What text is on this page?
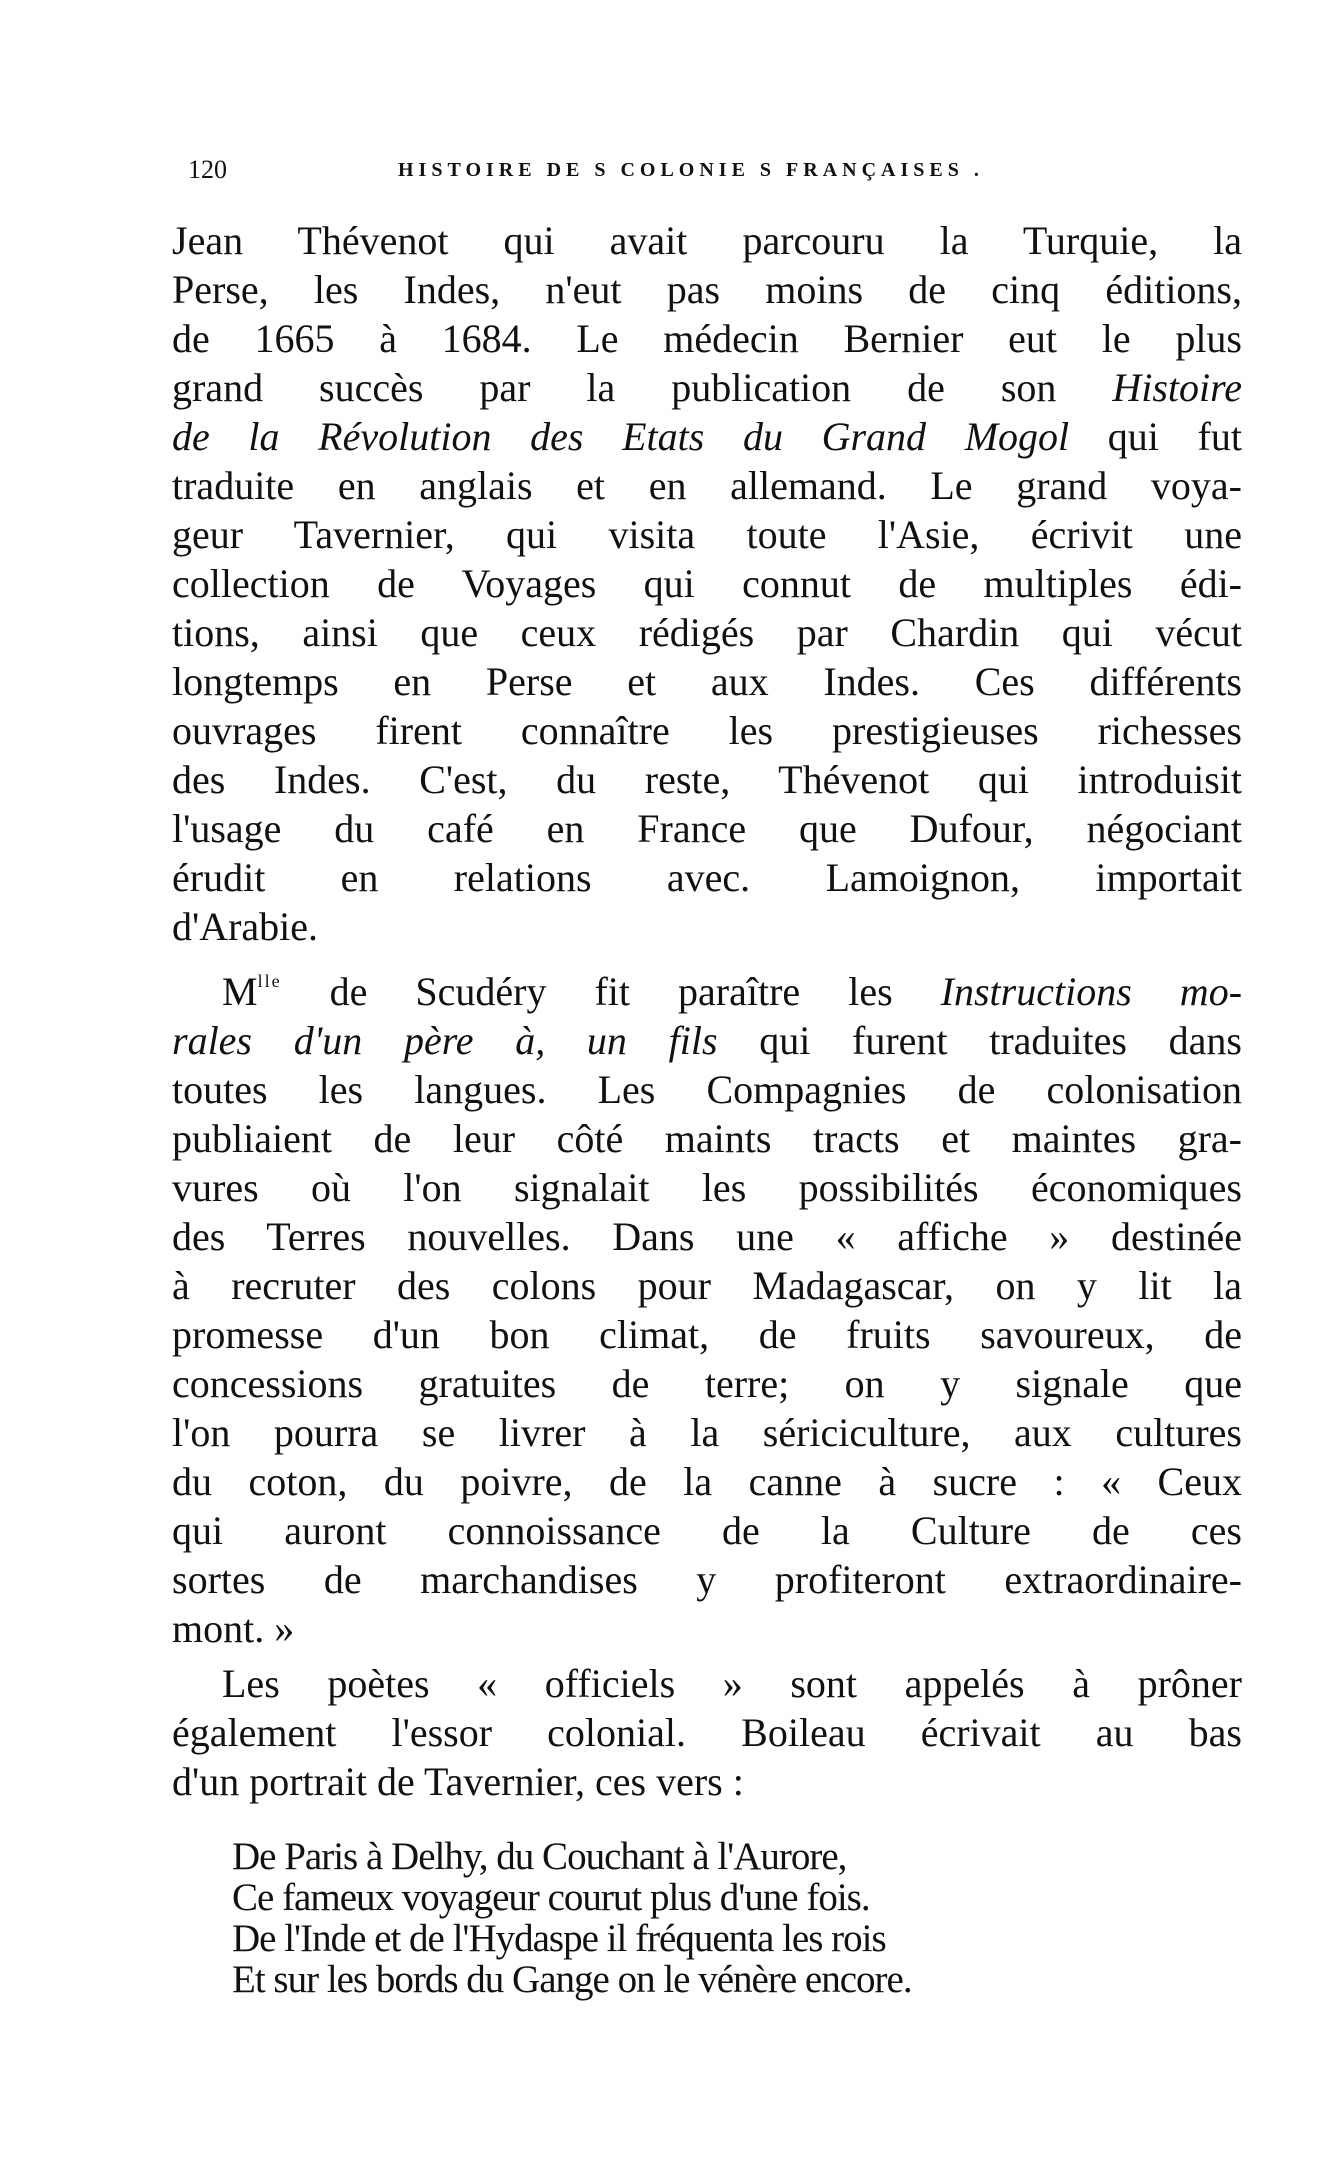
120	HISTOIRE DE S COLONIE S FRANÇAISES .
Jean Thévenot qui avait parcouru la Turquie, la
Perse, les Indes, n'eut pas moins de cinq éditions,
de 1665 à 1684. Le médecin Bernier eut le plus
grand succès par la publication de son Histoire
de la Révolution des Etats du Grand Mogol qui fut
traduite en anglais et en allemand. Le grand voya-
geur Tavernier, qui visita toute l'Asie, écrivit une
collection de Voyages qui connut de multiples édi-
tions, ainsi que ceux rédigés par Chardin qui vécut
longtemps en Perse et aux Indes. Ces différents
ouvrages firent connaître les prestigieuses richesses
des Indes. C'est, du reste, Thévenot qui introduisit
l'usage du café en France que Dufour, négociant
érudit en relations avec. Lamoignon, importait
d'Arabie.
$M^{lle}$ de Scudéry fit paraître les Instructions mo-
rales d'un père à, un fils qui furent traduites dans
toutes les langues. Les Compagnies de colonisation
publiaient de leur côté maints tracts et maintes gra-
vures où l'on signalait les possibilités économiques
des Terres nouvelles. Dans une « affiche » destinée
à recruter des colons pour Madagascar, on y lit la
promesse d'un bon climat, de fruits savoureux, de
concessions gratuites de terre; on y signale que
l'on pourra se livrer à la sériciculture, aux cultures
du coton, du poivre, de la canne à sucre : « Ceux
qui auront connoissance de la Culture de ces
sortes de marchandises y profiteront extraordinaire-
mont. »
Les poètes « officiels » sont appelés à prôner
également l'essor colonial. Boileau écrivait au bas
d'un portrait de Tavernier, ces vers :
De Paris à Delhy, du Couchant à l'Aurore,
Ce fameux voyageur courut plus d'une fois.
De l'Inde et de l'Hydaspe il fréquenta les rois
Et sur les bords du Gange on le vénère encore.
